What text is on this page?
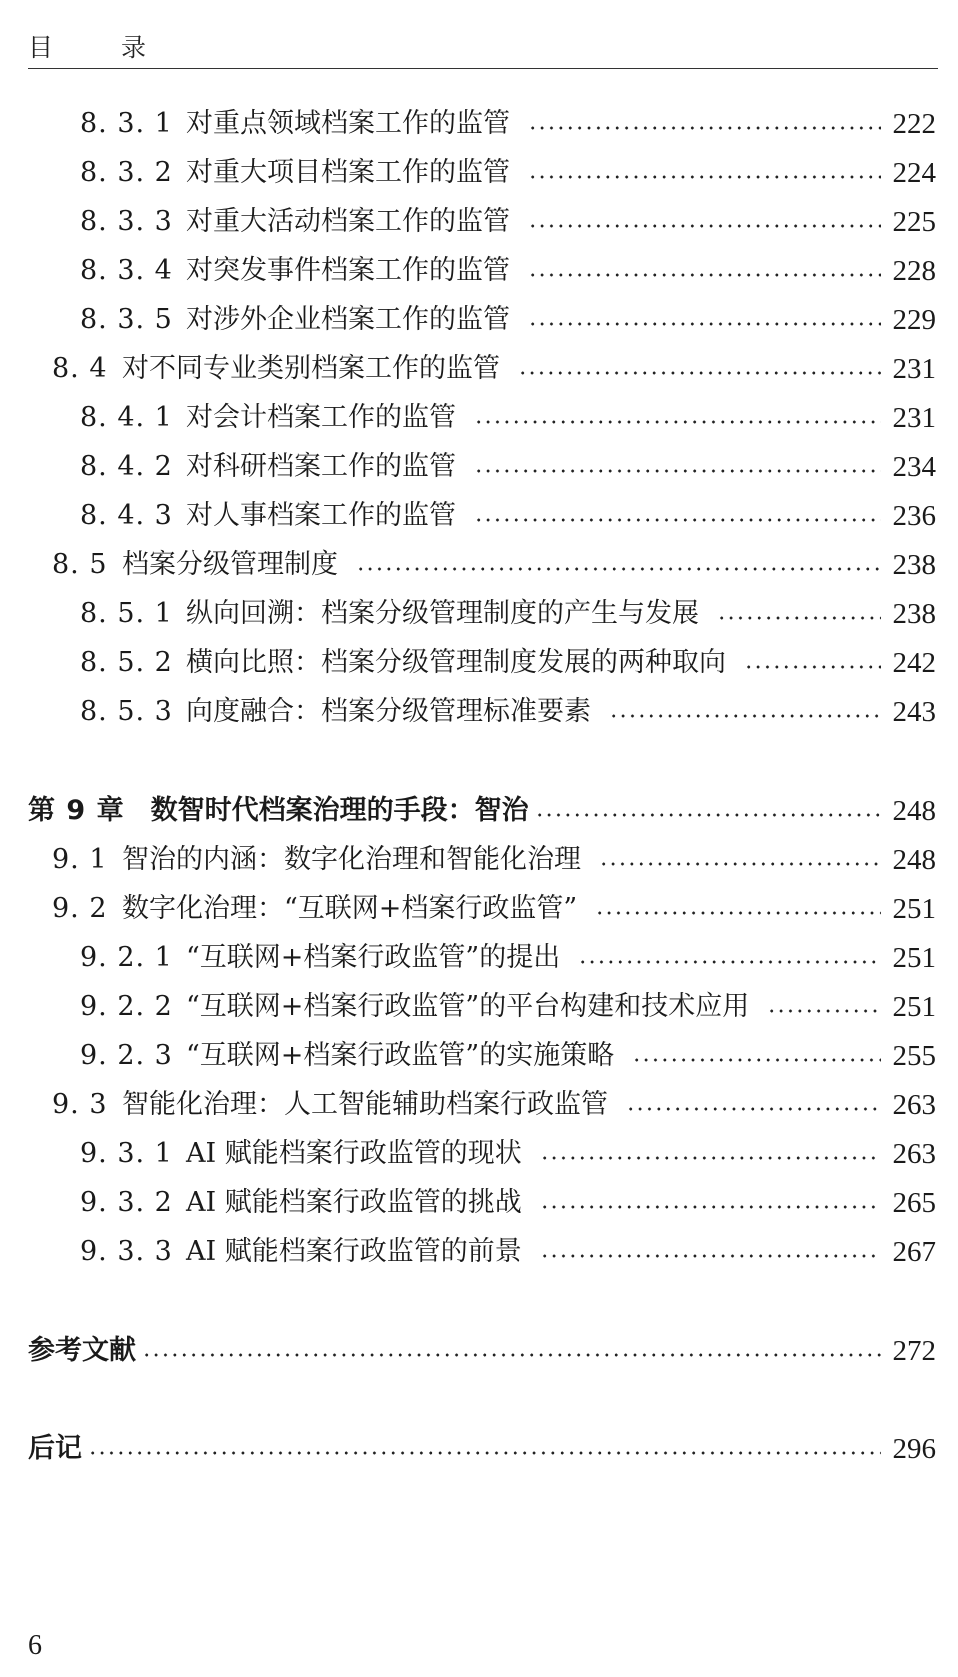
目 录
8. 3. 1 对重点领域档案工作的监管	222
8. 3. 2 对重大项目档案工作的监管	224
8. 3. 3 对重大活动档案工作的监管	225
8. 3. 4 对突发事件档案工作的监管	228
8. 3. 5 对涉外企业档案工作的监管	229
8. 4 对不同专业类别档案工作的监管	231
8. 4. 1 对会计档案工作的监管	231
8. 4. 2 对科研档案工作的监管	234
8. 4. 3 对人事档案工作的监管	236
8. 5 档案分级管理制度	238
8. 5. 1 纵向回溯：档案分级管理制度的产生与发展	238
8. 5. 2 横向比照：档案分级管理制度发展的两种取向	242
8. 5. 3 向度融合：档案分级管理标准要素	243
第 9 章 数智时代档案治理的手段：智治	248
9. 1 智治的内涵：数字化治理和智能化治理	248
9. 2 数字化治理：“互联网+档案行政监管”	251
9. 2. 1 “互联网+档案行政监管”的提出	251
9. 2. 2 “互联网+档案行政监管”的平台构建和技术应用	251
9. 2. 3 “互联网+档案行政监管”的实施策略	255
9. 3 智能化治理：人工智能辅助档案行政监管	263
9. 3. 1 AI 赋能档案行政监管的现状	263
9. 3. 2 AI 赋能档案行政监管的挑战	265
9. 3. 3 AI 赋能档案行政监管的前景	267
参考文献	272
后记	296
6
